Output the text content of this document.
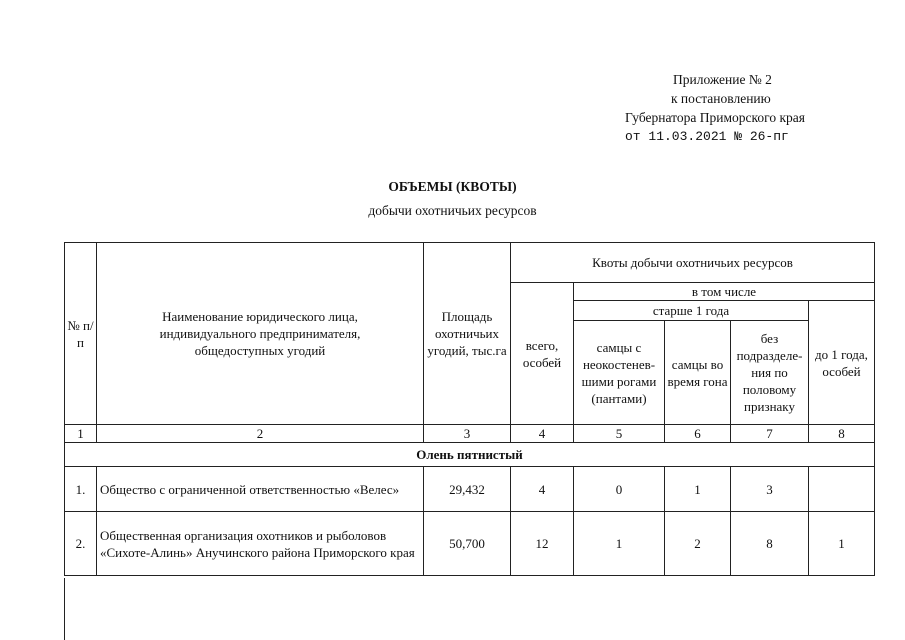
Приложение № 2
к постановлению
Губернатора Приморского края
от 11.03.2021 № 26-пг
ОБЪЕМЫ (КВОТЫ)
добычи охотничьих ресурсов
№ п/п	Наименование юридического лица, индивидуального предпринимателя, общедоступных угодий	Площадь охотничьих угодий, тыс.га	Квоты добычи охотничьих ресурсов				
			всего, особей	в том числе			
				старше 1 года			до 1 года, особей
				самцы с неокостенев-шими рогами (пантами)	самцы во время гона	без подразделе-ния по половому признаку	
1	2	3	4	5	6	7	8
Олень пятнистый							
1.	Общество с ограниченной ответственностью «Велес»	29,432	4	0	1	3	
2.	Общественная организация охотников и рыболовов «Сихоте-Алинь» Анучинского района Приморского края	50,700	12	1	2	8	1
